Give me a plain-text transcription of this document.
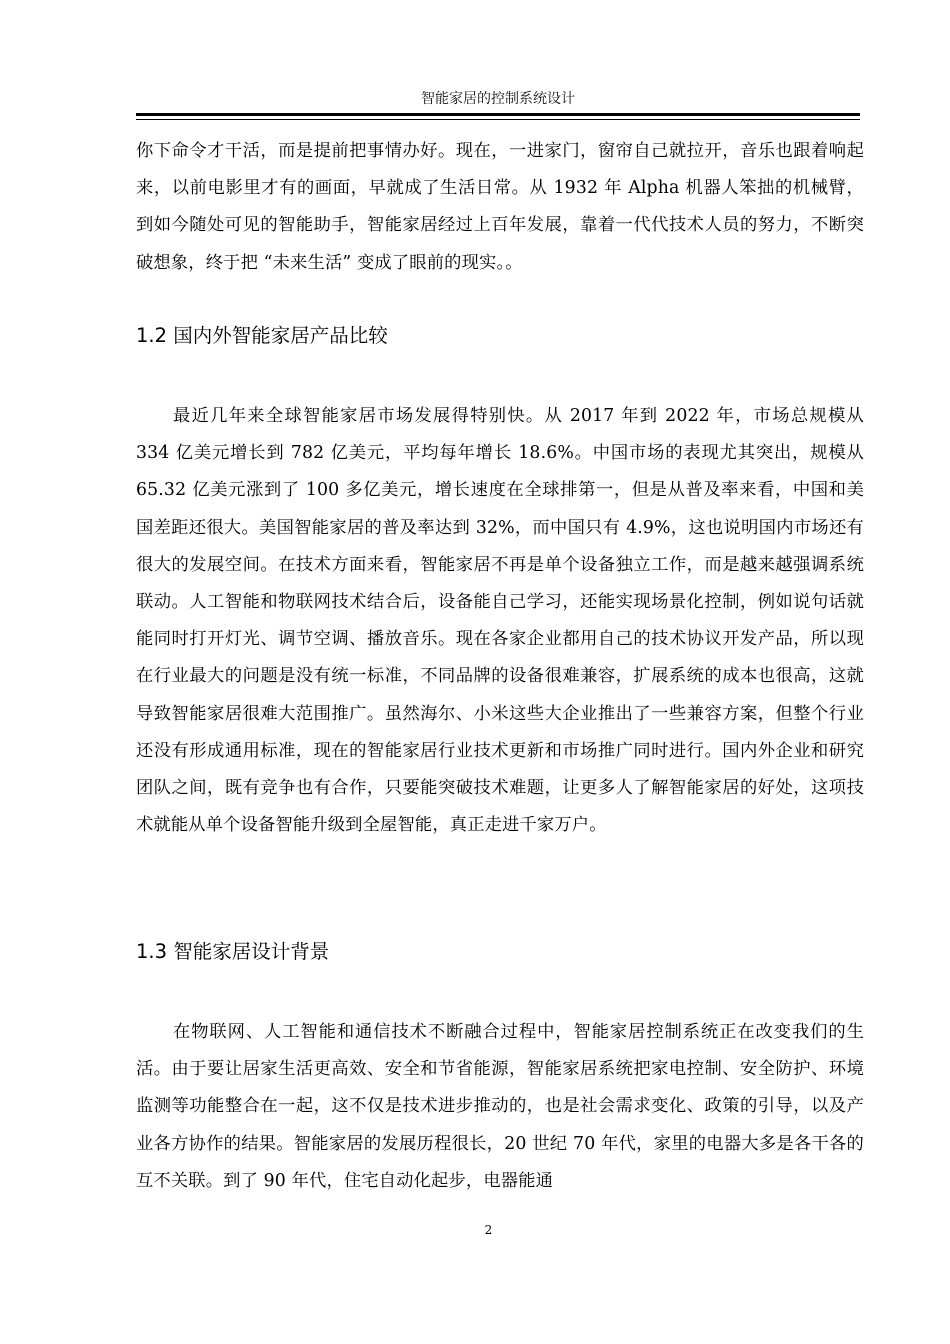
智能家居的控制系统设计

你下命令才干活，而是提前把事情办好。现在，一进家门，窗帘自己就拉开，音乐也跟着响起来，以前电影里才有的画面，早就成了生活日常。从 1932 年 Alpha 机器人笨拙的机械臂，到如今随处可见的智能助手，智能家居经过上百年发展，靠着一代代技术人员的努力，不断突破想象，终于把 “未来生活” 变成了眼前的现实。。

1.2 国内外智能家居产品比较

最近几年来全球智能家居市场发展得特别快。从 2017 年到 2022 年，市场总规模从 334 亿美元增长到 782 亿美元，平均每年增长 18.6%。中国市场的表现尤其突出，规模从 65.32 亿美元涨到了 100 多亿美元，增长速度在全球排第一，但是从普及率来看，中国和美国差距还很大。美国智能家居的普及率达到 32%，而中国只有 4.9%，这也说明国内市场还有很大的发展空间。在技术方面来看，智能家居不再是单个设备独立工作，而是越来越强调系统联动。人工智能和物联网技术结合后，设备能自己学习，还能实现场景化控制，例如说句话就能同时打开灯光、调节空调、播放音乐。现在各家企业都用自己的技术协议开发产品，所以现在行业最大的问题是没有统一标准，不同品牌的设备很难兼容，扩展系统的成本也很高，这就导致智能家居很难大范围推广。虽然海尔、小米这些大企业推出了一些兼容方案，但整个行业还没有形成通用标准，现在的智能家居行业技术更新和市场推广同时进行。国内外企业和研究团队之间，既有竞争也有合作，只要能突破技术难题，让更多人了解智能家居的好处，这项技术就能从单个设备智能升级到全屋智能，真正走进千家万户。

1.3 智能家居设计背景

在物联网、人工智能和通信技术不断融合过程中，智能家居控制系统正在改变我们的生活。由于要让居家生活更高效、安全和节省能源，智能家居系统把家电控制、安全防护、环境监测等功能整合在一起，这不仅是技术进步推动的，也是社会需求变化、政策的引导，以及产业各方协作的结果。智能家居的发展历程很长，20 世纪 70 年代，家里的电器大多是各干各的互不关联。到了 90 年代，住宅自动化起步，电器能通

2
